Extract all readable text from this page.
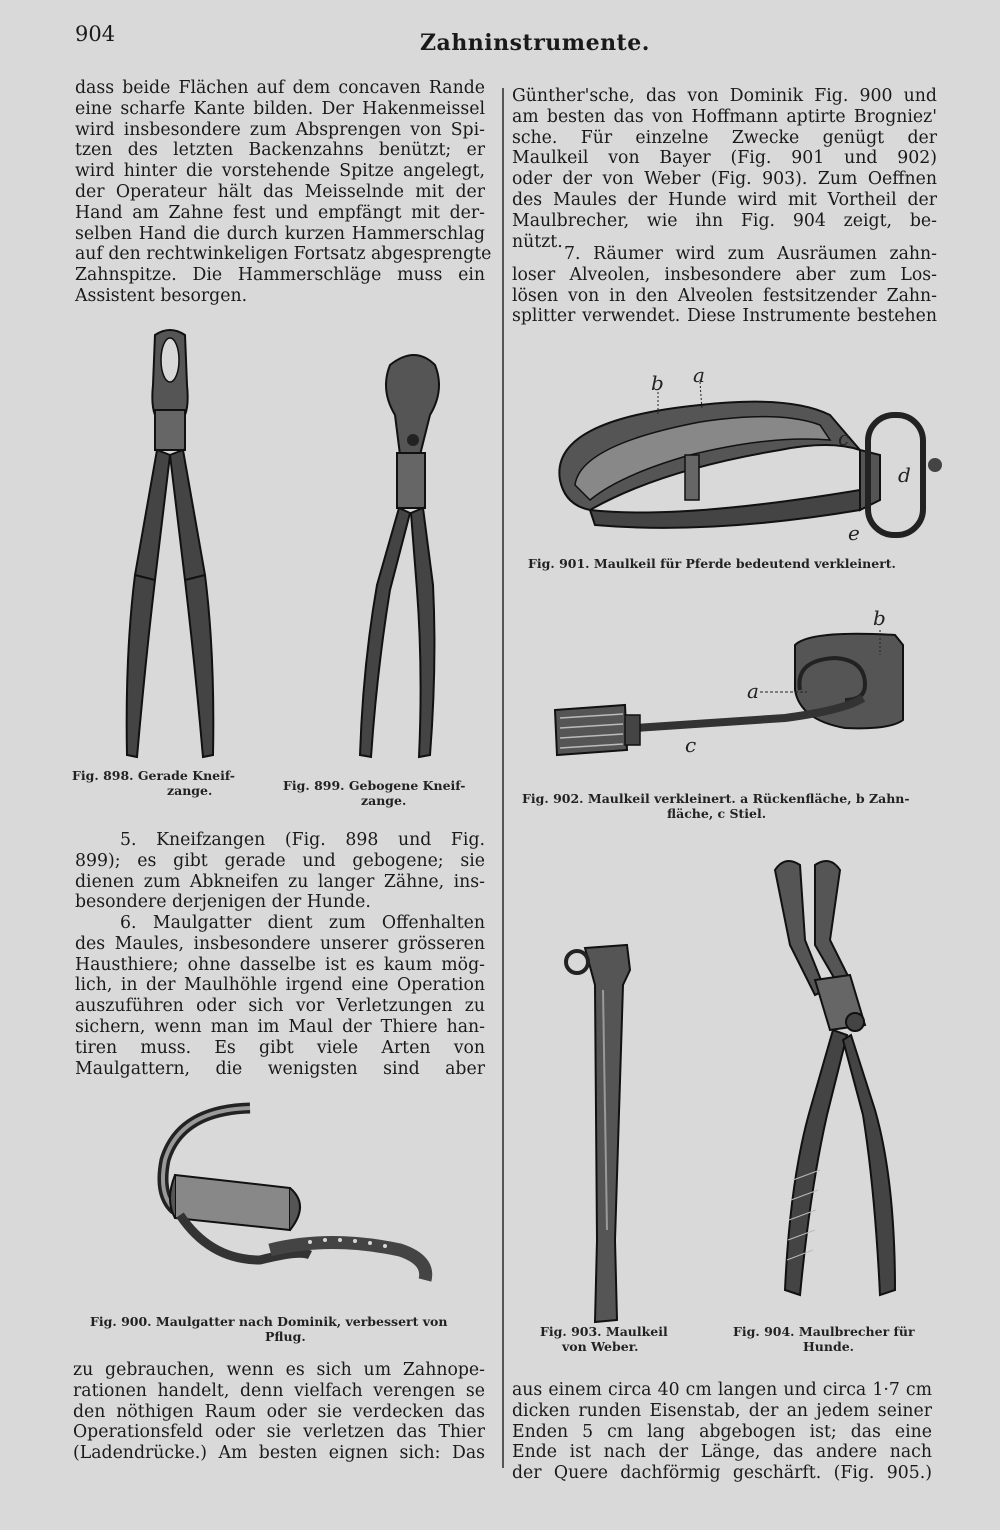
904	Zahninstrumente.
dass beide Flächen auf dem concaven Rande
eine scharfe Kante bilden. Der Hakenmeissel
wird insbesondere zum Absprengen von Spi-
tzen des letzten Backenzahns benützt; er
wird hinter die vorstehende Spitze angelegt,
der Operateur hält das Meisselnde mit der
Hand am Zahne fest und empfängt mit der-
selben Hand die durch kurzen Hammerschlag
auf den rechtwinkeligen Fortsatz abgesprengte
Zahnspitze. Die Hammerschläge muss ein
Assistent besorgen.
Fig. 898. Gerade Kneif-
zange.	Fig. 899. Gebogene Kneif-
zange.
5. Kneifzangen (Fig. 898 und Fig.
899); es gibt gerade und gebogene; sie
dienen zum Abkneifen zu langer Zähne, ins-
besondere derjenigen der Hunde.
6. Maulgatter dient zum Offenhalten
des Maules, insbesondere unserer grösseren
Hausthiere; ohne dasselbe ist es kaum mög-
lich, in der Maulhöhle irgend eine Operation
auszuführen oder sich vor Verletzungen zu
sichern, wenn man im Maul der Thiere han-
tiren muss. Es gibt viele Arten von
Maulgattern, die wenigsten sind aber
Fig. 900. Maulgatter nach Dominik, verbessert von
Pflug.
zu gebrauchen, wenn es sich um Zahnope-
rationen handelt, denn vielfach verengen se
den nöthigen Raum oder sie verdecken das
Operationsfeld oder sie verletzen das Thier
(Ladendrücke.) Am besten eignen sich: Das
Günther'sche, das von Dominik Fig. 900 und
am besten das von Hoffmann aptirte Brogniez'
sche. Für einzelne Zwecke genügt der
Maulkeil von Bayer (Fig. 901 und 902)
oder der von Weber (Fig. 903). Zum Oeffnen
des Maules der Hunde wird mit Vortheil der
Maulbrecher, wie ihn Fig. 904 zeigt, be-
nützt.
7. Räumer wird zum Ausräumen zahn-
loser Alveolen, insbesondere aber zum Los-
lösen von in den Alveolen festsitzender Zahn-
splitter verwendet. Diese Instrumente bestehen
b a
c
d
e
Fig. 901. Maulkeil für Pferde bedeutend verkleinert.
b
a
c
Fig. 902. Maulkeil verkleinert. a Rückenfläche, b Zahn-
fläche, c Stiel.
Fig. 903. Maulkeil
von Weber.
Fig. 904. Maulbrecher für
Hunde.
aus einem circa 40 cm langen und circa 1·7 cm
dicken runden Eisenstab, der an jedem seiner
Enden 5 cm lang abgebogen ist; das eine
Ende ist nach der Länge, das andere nach
der Quere dachförmig geschärft. (Fig. 905.)
